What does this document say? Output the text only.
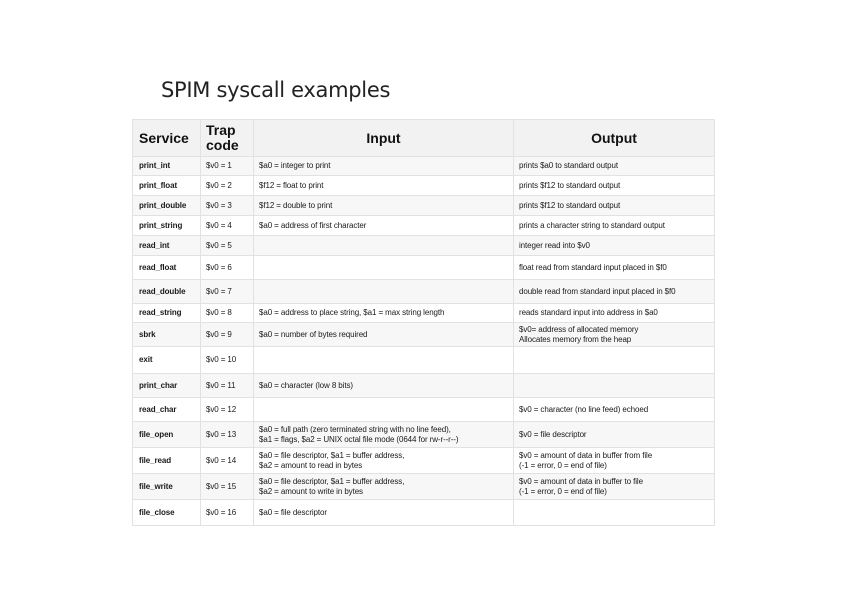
SPIM syscall examples
Service	Trap code	Input	Output
print_int	$v0 = 1	$a0 = integer to print	prints $a0 to standard output
print_float	$v0 = 2	$f12 = float to print	prints $f12 to standard output
print_double	$v0 = 3	$f12 = double to print	prints $f12 to standard output
print_string	$v0 = 4	$a0 = address of first character	prints a character string to standard output
read_int	$v0 = 5		integer read into $v0
read_float	$v0 = 6		float read from standard input placed in $f0
read_double	$v0 = 7		double read from standard input placed in $f0
read_string	$v0 = 8	$a0 = address to place string, $a1 = max string length	reads standard input into address in $a0
sbrk	$v0 = 9	$a0 = number of bytes required	$v0= address of allocated memory
Allocates memory from the heap
exit	$v0 = 10		
print_char	$v0 = 11	$a0 = character (low 8 bits)	
read_char	$v0 = 12		$v0 = character (no line feed) echoed
file_open	$v0 = 13	$a0 = full path (zero terminated string with no line feed),
$a1 = flags, $a2 = UNIX octal file mode (0644 for rw-r--r--)	$v0 = file descriptor
file_read	$v0 = 14	$a0 = file descriptor, $a1 = buffer address,
$a2 = amount to read in bytes	$v0 = amount of data in buffer from file
(-1 = error, 0 = end of file)
file_write	$v0 = 15	$a0 = file descriptor, $a1 = buffer address,
$a2 = amount to write in bytes	$v0 = amount of data in buffer to file
(-1 = error, 0 = end of file)
file_close	$v0 = 16	$a0 = file descriptor	
